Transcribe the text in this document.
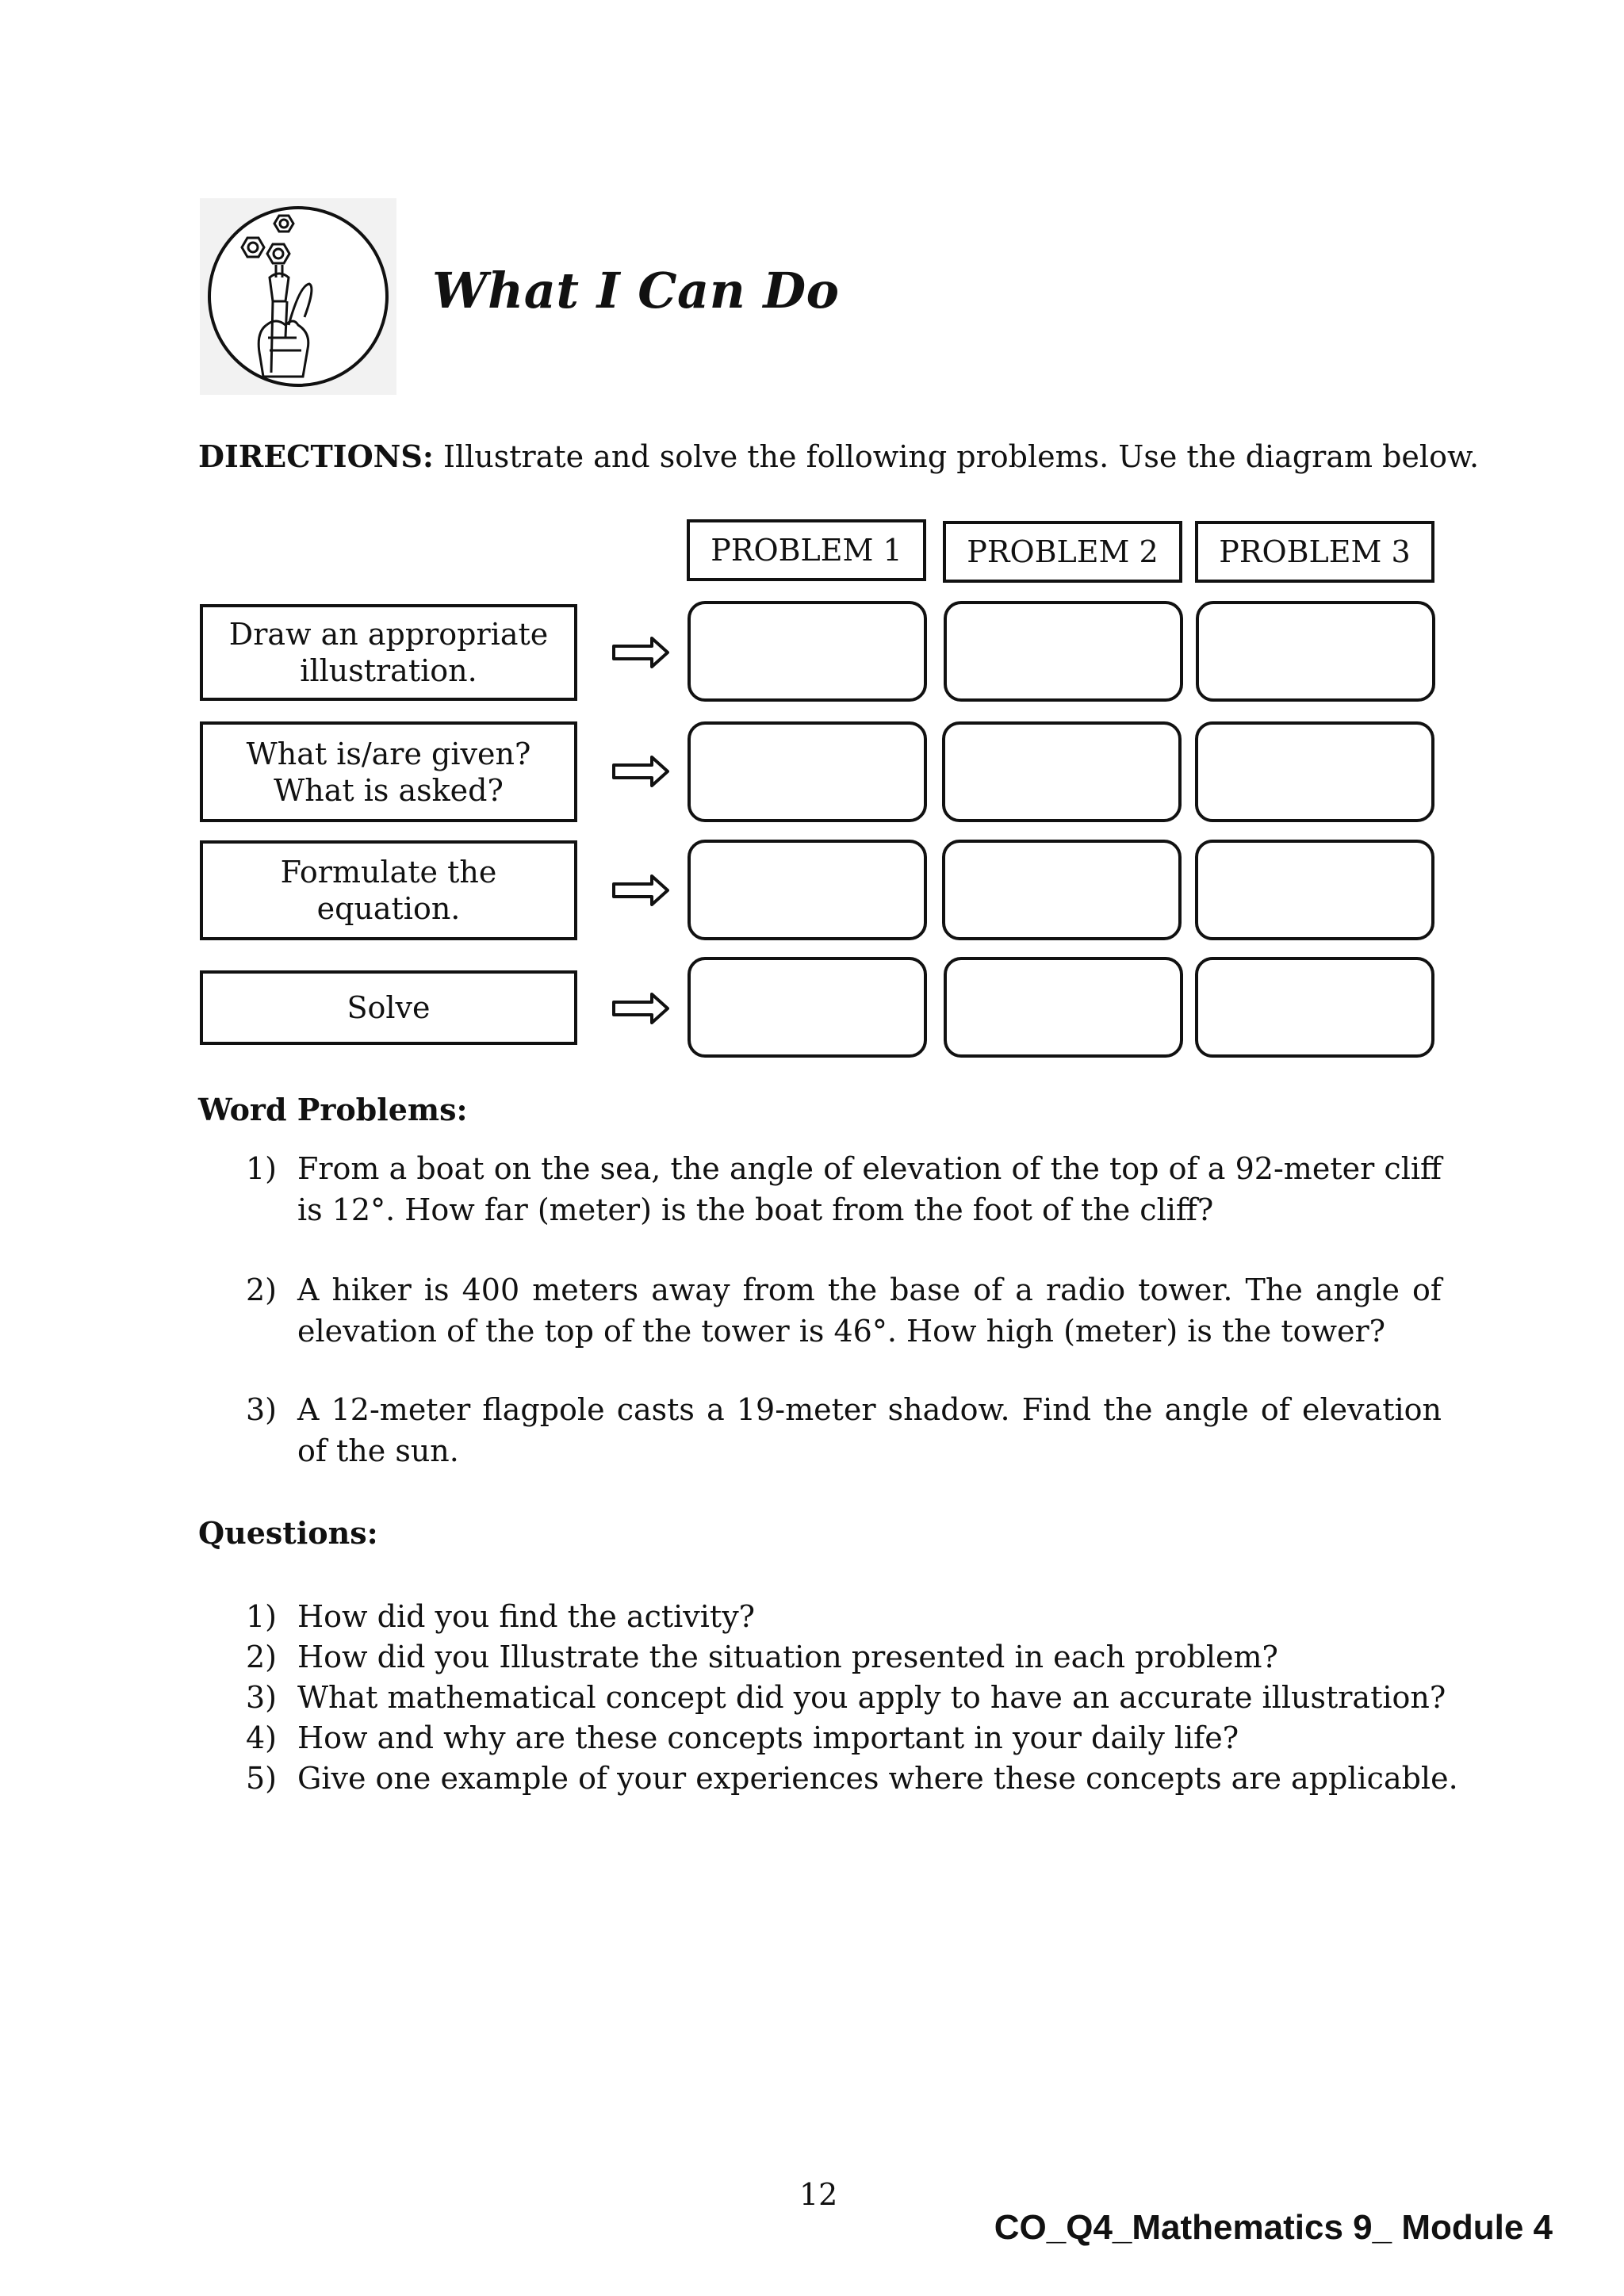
What I Can Do
DIRECTIONS: Illustrate and solve the following problems. Use the diagram below.
PROBLEM 1	PROBLEM 2	PROBLEM 3
Draw an appropriate
illustration.
What is/are given?
What is asked?
Formulate the
equation.
Solve
Word Problems:
1) From a boat on the sea, the angle of elevation of the top of a 92-meter cliff is 12°. How far (meter) is the boat from the foot of the cliff?
2) A hiker is 400 meters away from the base of a radio tower. The angle of elevation of the top of the tower is 46°. How high (meter) is the tower?
3) A 12-meter flagpole casts a 19-meter shadow. Find the angle of elevation of the sun.
Questions:
1) How did you find the activity?
2) How did you Illustrate the situation presented in each problem?
3) What mathematical concept did you apply to have an accurate illustration?
4) How and why are these concepts important in your daily life?
5) Give one example of your experiences where these concepts are applicable.
12
CO_Q4_Mathematics 9_ Module 4
